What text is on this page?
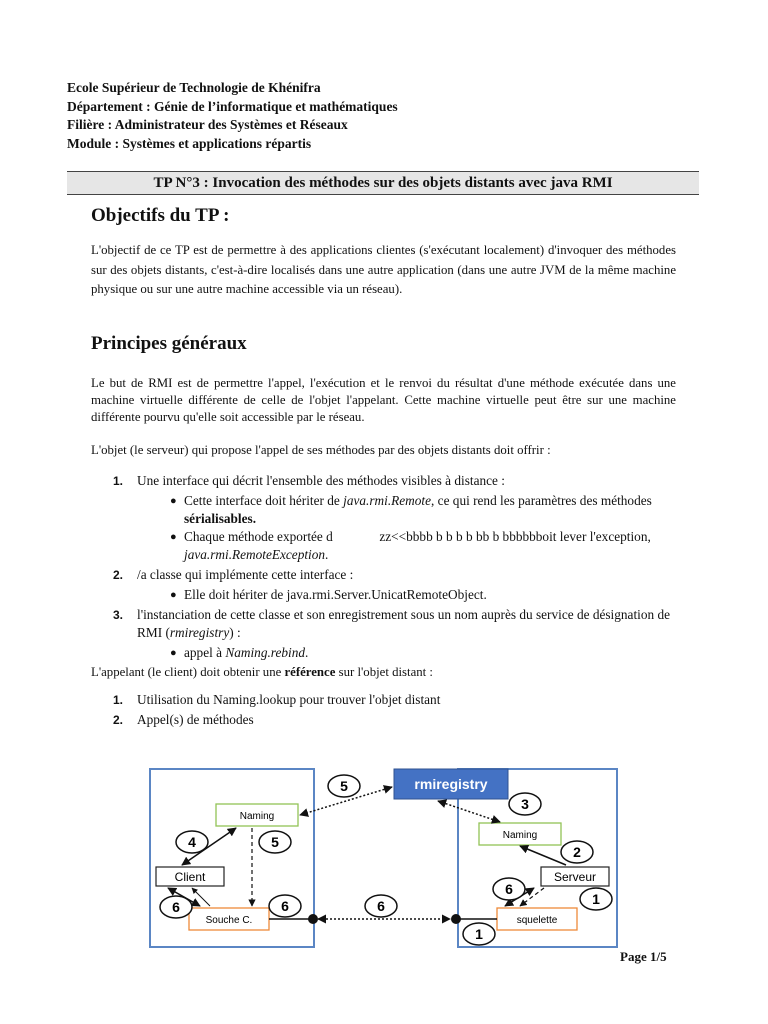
Ecole Supérieur de Technologie de Khénifra
Département : Génie de l’informatique et mathématiques
Filière : Administrateur des Systèmes et Réseaux
Module : Systèmes et applications répartis
TP N°3 : Invocation des méthodes sur des objets distants avec java RMI
Objectifs du TP :

L'objectif de ce TP est de permettre à des applications clientes (s'exécutant localement) d'invoquer des méthodes sur des objets distants, c'est-à-dire localisés dans une autre application (dans une autre JVM de la même machine physique ou sur une autre machine accessible via un réseau).

Principes généraux

Le but de RMI est de permettre l'appel, l'exécution et le renvoi du résultat d'une méthode exécutée dans une machine virtuelle différente de celle de l'objet l'appelant. Cette machine virtuelle peut être sur une machine différente pourvu qu'elle soit accessible par le réseau.

L'objet (le serveur) qui propose l'appel de ses méthodes par des objets distants doit offrir :

1. Une interface qui décrit l'ensemble des méthodes visibles à distance :
● Cette interface doit hériter de java.rmi.Remote, ce qui rend les paramètres des méthodes sérialisables.
● Chaque méthode exportée d              zz<<bbbb b b b b bb b bbbbbboit lever l'exception, java.rmi.RemoteException.
2. /a classe qui implémente cette interface :
● Elle doit hériter de java.rmi.Server.UnicatRemoteObject.
3. l'instanciation de cette classe et son enregistrement sous un nom auprès du service de désignation de RMI (rmiregistry) :
● appel à Naming.rebind.

L'appelant (le client) doit obtenir une référence sur l'objet distant :

1. Utilisation du Naming.lookup pour trouver l'objet distant
2. Appel(s) de méthodes
rmiregistry
Naming
Client
Souche C.
Naming
Serveur
squelette
5
4	5
6	6	6
3
2
6
1
1
Page 1/5
